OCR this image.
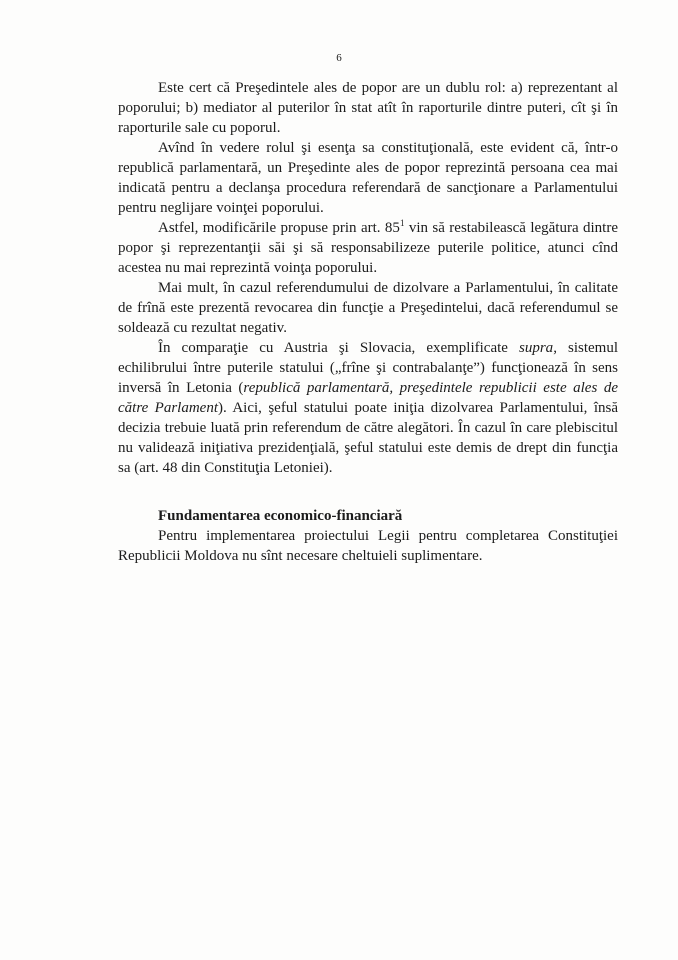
6

Este cert că Preşedintele ales de popor are un dublu rol: a) reprezentant al poporului; b) mediator al puterilor în stat atît în raporturile dintre puteri, cît şi în raporturile sale cu poporul.

Avînd în vedere rolul şi esenţa sa constituţională, este evident că, într-o republică parlamentară, un Preşedinte ales de popor reprezintă persoana cea mai indicată pentru a declanşa procedura referendară de sancţionare a Parlamentului pentru neglijare voinţei poporului.

Astfel, modificările propuse prin art. $85^1$ vin să restabilească legătura dintre popor şi reprezentanţii săi şi să responsabilizeze puterile politice, atunci cînd acestea nu mai reprezintă voinţa poporului.

Mai mult, în cazul referendumului de dizolvare a Parlamentului, în calitate de frînă este prezentă revocarea din funcţie a Preşedintelui, dacă referendumul se soldează cu rezultat negativ.

În comparaţie cu Austria şi Slovacia, exemplificate supra, sistemul echilibrului între puterile statului („frîne şi contrabalanţe”) funcţionează în sens inversă în Letonia (republică parlamentară, preşedintele republicii este ales de către Parlament). Aici, şeful statului poate iniţia dizolvarea Parlamentului, însă decizia trebuie luată prin referendum de către alegători. În cazul în care plebiscitul nu validează iniţiativa prezidenţială, şeful statului este demis de drept din funcţia sa (art. 48 din Constituţia Letoniei).

Fundamentarea economico-financiară

Pentru implementarea proiectului Legii pentru completarea Constituţiei Republicii Moldova nu sînt necesare cheltuieli suplimentare.
